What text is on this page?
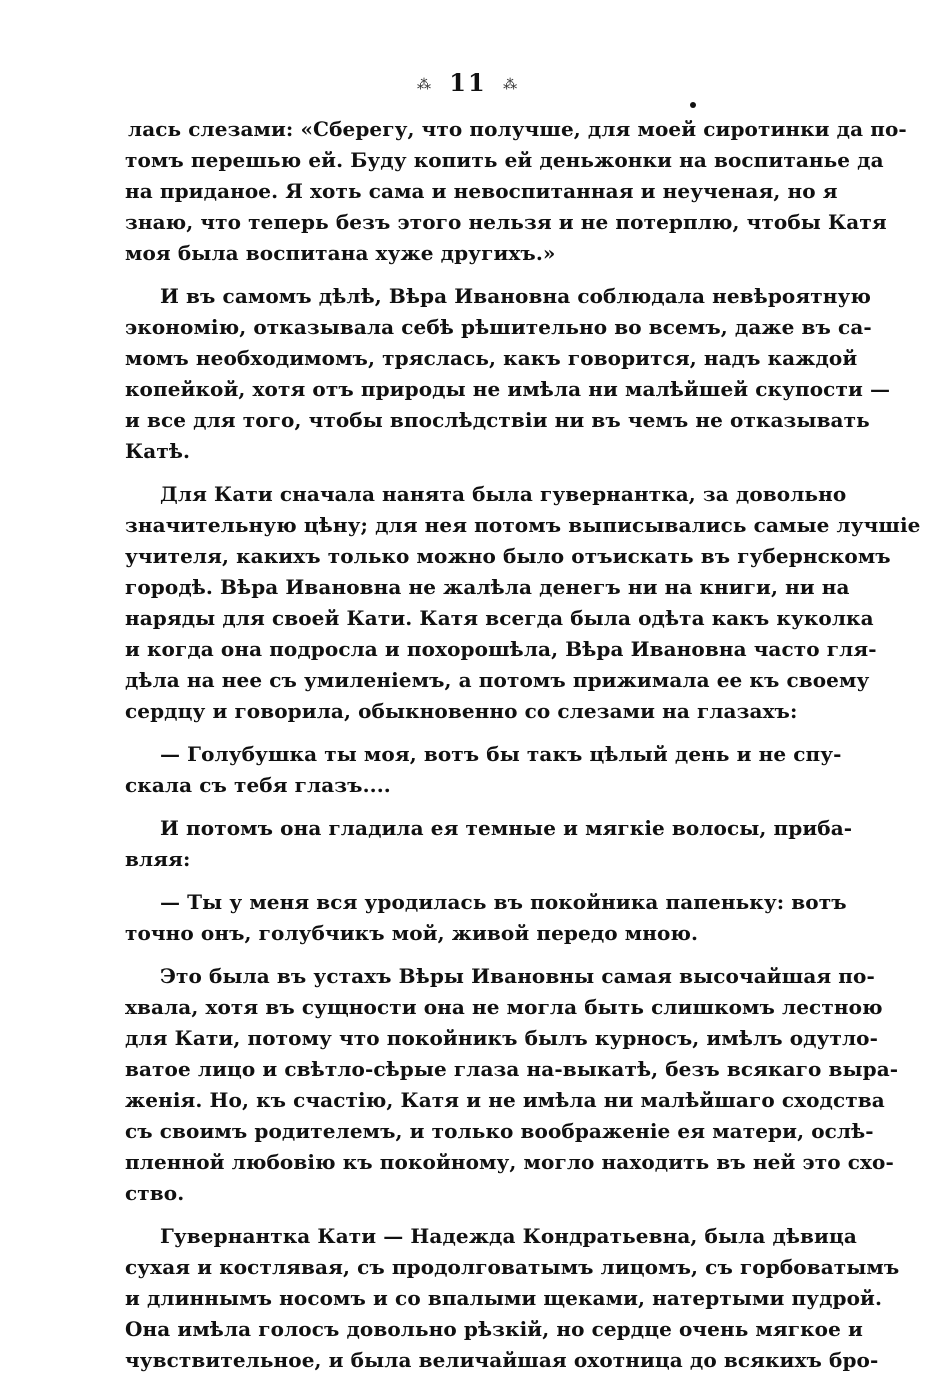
⁂ 11 ⁂
лась слезами: «Сберегу, что получше, для моей сиротинки да по-
томъ перешью ей. Буду копить ей деньжонки на воспитанье да
на приданое. Я хоть сама и невоспитанная и неученая, но я
знаю, что теперь безъ этого нельзя и не потерплю, чтобы Катя
моя была воспитана хуже другихъ.»
И въ самомъ дѣлѣ, Вѣра Ивановна соблюдала невѣроятную
экономію, отказывала себѣ рѣшительно во всемъ, даже въ са-
момъ необходимомъ, тряслась, какъ говорится, надъ каждой
копейкой, хотя отъ природы не имѣла ни малѣйшей скупости —
и все для того, чтобы впослѣдствіи ни въ чемъ не отказывать
Катѣ.
Для Кати сначала нанята была гувернантка, за довольно
значительную цѣну; для нея потомъ выписывались самые лучшіе
учителя, какихъ только можно было отъискать въ губернскомъ
городѣ. Вѣра Ивановна не жалѣла денегъ ни на книги, ни на
наряды для своей Кати. Катя всегда была одѣта какъ куколка
и когда она подросла и похорошѣла, Вѣра Ивановна часто гля-
дѣла на нее съ умиленіемъ, а потомъ прижимала ее къ своему
сердцу и говорила, обыкновенно со слезами на глазахъ:
— Голубушка ты моя, вотъ бы такъ цѣлый день и не спу-
скала съ тебя глазъ....
И потомъ она гладила ея темные и мягкіе волосы, приба-
вляя:
— Ты у меня вся уродилась въ покойника папеньку: вотъ
точно онъ, голубчикъ мой, живой передо мною.
Это была въ устахъ Вѣры Ивановны самая высочайшая по-
хвала, хотя въ сущности она не могла быть слишкомъ лестною
для Кати, потому что покойникъ былъ курносъ, имѣлъ одутло-
ватое лицо и свѣтло-сѣрые глаза на-выкатѣ, безъ всякаго выра-
женія. Но, къ счастію, Катя и не имѣла ни малѣйшаго сходства
съ своимъ родителемъ, и только воображеніе ея матери, ослѣ-
пленной любовію къ покойному, могло находить въ ней это схо-
ство.
Гувернантка Кати — Надежда Кондратьевна, была дѣвица
сухая и костлявая, съ продолговатымъ лицомъ, съ горбоватымъ
и длиннымъ носомъ и со впалыми щеками, натертыми пудрой.
Она имѣла голосъ довольно рѣзкій, но сердце очень мягкое и
чувствительное, и была величайшая охотница до всякихъ бро-
